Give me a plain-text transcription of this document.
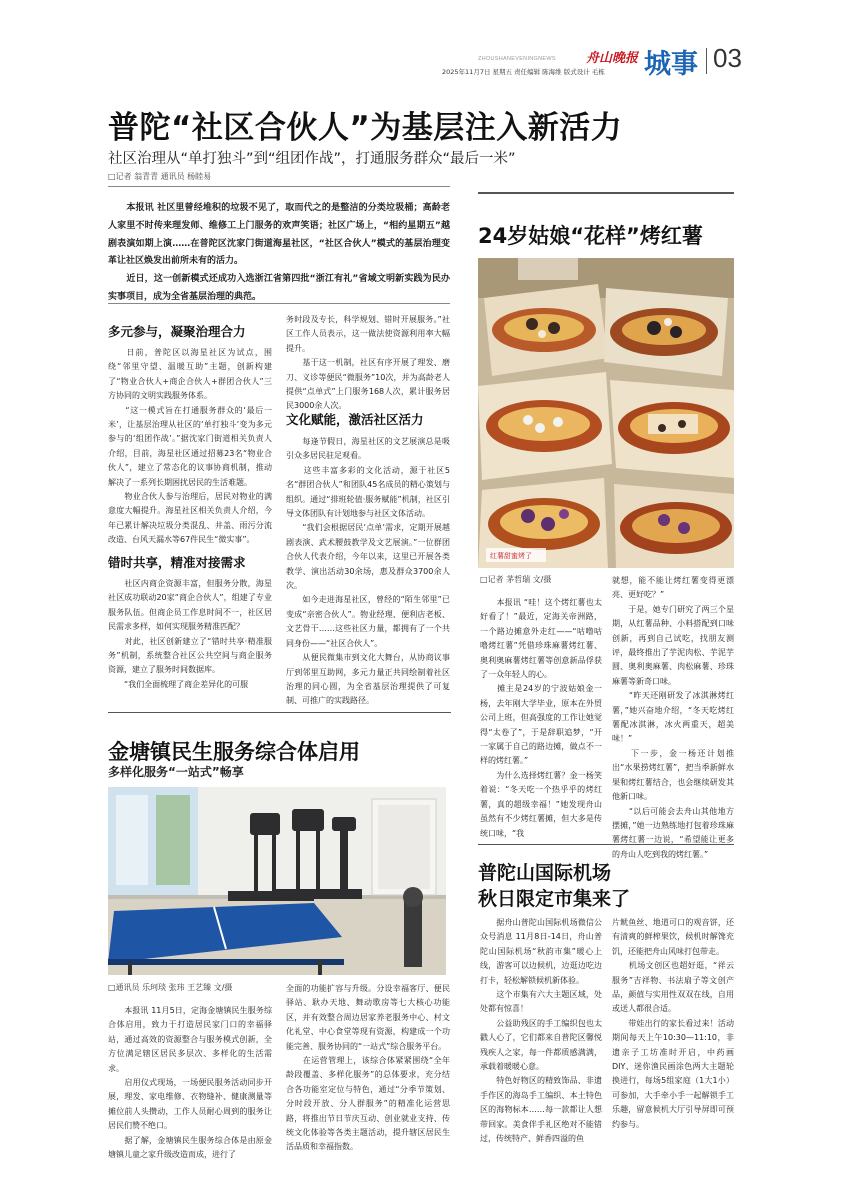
ZHOUSHANEVENINGNEWS 舟山晚报
2025年11月7日 星期五 责任编辑 陈海维 版式设计 毛栋 城事 03
普陀“社区合伙人”为基层注入新活力
社区治理从“单打独斗”到“组团作战”，打通服务群众“最后一米”
□记者 翁青青 通讯员 杨睦易
　　本报讯 社区里曾经堆积的垃圾不见了，取而代之的是整洁的分类垃圾桶；高龄老人家里不时传来理发师、维修工上门服务的欢声笑语；社区广场上，“相约星期五”越剧表演如期上演……在普陀区沈家门街道海星社区，“社区合伙人”模式的基层治理变革让社区焕发出前所未有的活力。
　　近日，这一创新模式还成功入选浙江省第四批“浙江有礼”省域文明新实践为民办实事项目，成为全省基层治理的典范。
多元参与，凝聚治理合力
　　日前，普陀区以海星社区为试点，围绕“邻里守望、温暖互助”主题，创新构建了“物业合伙人+商企合伙人+群团合伙人”三方协同的文明实践服务体系。
　　“这一模式旨在打通服务群众的‘最后一米’，让基层治理从社区的‘单打独斗’变为多元参与的‘组团作战’。”据沈家门街道相关负责人介绍，目前，海星社区通过招募23名“物业合伙人”，建立了常态化的议事协商机制，推动解决了一系列长期困扰居民的生活难题。
　　物业合伙人参与治理后，居民对物业的满意度大幅提升。海星社区相关负责人介绍，今年已累计解决垃圾分类混乱、井盖、雨污分流改造、台风天漏水等67件民生“微实事”。
错时共享，精准对接需求
　　社区内商企资源丰富，但服务分散，海星社区成功联动20家“商企合伙人”，组建了专业服务队伍。但商企员工作息时间不一，社区居民需求多样，如何实现服务精准匹配？
　　对此，社区创新建立了“错时共享·精准服务”机制，系统整合社区公共空间与商企服务资源，建立了服务时间数据库。
　　“我们全面梳理了商企差异化的可服
务时段及专长，科学规划、错时开展服务。”社区工作人员表示，这一做法使资源利用率大幅提升。
　　基于这一机制，社区有序开展了理发、磨刀、义诊等便民“微服务”10次，并为高龄老人提供“点单式”上门服务168人次，累计服务居民3000余人次。
文化赋能，激活社区活力
　　每逢节假日，海星社区的文艺展演总是吸引众多居民驻足观看。
　　这些丰富多彩的文化活动，源于社区5名“群团合伙人”和团队45名成员的精心策划与组织。通过“排班轮值·服务赋能”机制，社区引导文体团队有计划地参与社区文体活动。
　　“我们会根据居民‘点单’需求，定期开展越剧表演、武术腰鼓教学及文艺展演。”一位群团合伙人代表介绍，今年以来，这里已开展各类教学、演出活动30余场，惠及群众3700余人次。
　　如今走进海星社区，曾经的“陌生邻里”已变成“亲密合伙人”。物业经理、便利店老板、文艺骨干……这些社区力量，都拥有了一个共同身份——“社区合伙人”。
　　从便民微集市到文化大舞台，从协商议事厅到邻里互助网，多元力量正共同绘制着社区治理的同心圆，为全省基层治理提供了可复制、可推广的实践路径。
24岁姑娘“花样”烤红薯
红薯甜蜜烤了
□记者 茅哲瑞 文/摄
　　本报讯 “哇！这个烤红薯也太好看了！”最近，定海关帝洲路，一个路边摊意外走红——“咕噜咕噜烤红薯”凭借珍珠麻薯烤红薯、奥利奥麻薯烤红薯等创意新品俘获了一众年轻人的心。
　　摊主是24岁的宁波姑娘金一杨，去年刚大学毕业，原本在外贸公司上班，但高强度的工作让她觉得“太卷了”，于是辞职追梦，“开一家属于自己的路边摊，做点不一样的烤红薯。”
　　为什么选择烤红薯？金一杨笑着说：“冬天吃一个热乎乎的烤红薯，真的超级幸福！”她发现舟山虽然有不少烤红薯摊，但大多是传统口味，“我
就想，能不能让烤红薯变得更漂亮、更好吃？”
　　于是，她专门研究了两三个星期，从红薯品种、小料搭配到口味创新，再到自己试吃，找朋友测评，最终推出了芋泥肉松、芋泥芋圆、奥利奥麻薯、肉松麻薯、珍珠麻薯等新奇口味。
　　“昨天还刚研发了冰淇淋烤红薯，”她兴奋地介绍，“冬天吃烤红薯配冰淇淋，冰火两重天，超美味！”
　　下一步，金一杨还计划推出“水果捞烤红薯”，把当季新鲜水果和烤红薯结合，也会继续研发其他新口味。
　　“以后可能会去舟山其他地方摆摊，”她一边熟练地打包着珍珠麻薯烤红薯一边说，“希望能让更多的舟山人吃到我的烤红薯。”
金塘镇民生服务综合体启用
多样化服务“一站式”畅享
□通讯员 乐珂琰 张玮 王艺臻 文/摄
　　本报讯 11月5日，定海金塘镇民生服务综合体启用，致力于打造居民家门口的幸福驿站，通过高效的资源整合与服务模式创新，全方位满足辖区居民多层次、多样化的生活需求。
　　启用仪式现场，一场便民服务活动同步开展，理发、家电维修、衣物缝补、健康测量等摊位前人头攒动，工作人员耐心周到的服务让居民们赞不绝口。
　　据了解，金塘镇民生服务综合体是由原金塘镇儿童之家升级改造而成，进行了
全面的功能扩容与升级。分设幸福客厅、便民驿站、耿办天地、舞动歌房等七大核心功能区，并有效整合周边居家养老服务中心、村文化礼堂、中心食堂等现有资源，构建成一个功能完善、服务协同的“一站式”综合服务平台。
　　在运营管理上，该综合体紧紧围绕“全年龄段覆盖、多样化服务”的总体要求，充分结合各功能室定位与特色，通过“分季节策划、分时段开放、分人群服务”的精准化运营思路，将推出节日节庆互动、创业就业支持、传统文化体验等各类主题活动，提升辖区居民生活品质和幸福指数。
普陀山国际机场
秋日限定市集来了
　　据舟山普陀山国际机场微信公众号消息 11月8日-14日，舟山普陀山国际机场“秋韵市集”暖心上线，游客可以边候机，边逛边吃边打卡，轻松解锁候机新体验。
　　这个市集有六大主题区域，处处都有惊喜！
　　公益助残区的手工编织包也太戳人心了，它们都来自普陀区馨悦残疾人之家，每一件都质感满满，承载着暖暖心意。
　　特色好物区的精致饰品、非遗手作区的海岛手工编织、本土特色区的海物标本……每一款都让人想带回家。美食伴手礼区绝对不能错过，传统特产、鲜香四溢的鱼
片鱿鱼丝、地道可口的观音饼，还有清爽的鲜榨果饮，候机时解馋充饥，还能把舟山风味打包带走。
　　机场文创区也超好逛，“祥云服务”吉祥物、书法扇子等文创产品，颜值与实用性双双在线，自用或送人都很合适。
　　带娃出行的家长看过来！活动期间每天上午10:30—11:10，非遗亲子工坊准时开启，中药画DIY、迷你渔民画涂色两大主题轮换进行，每场5组家庭（1大1小）可参加，大手牵小手一起解锁手工乐趣，留意候机大厅引导屏即可预约参与。
